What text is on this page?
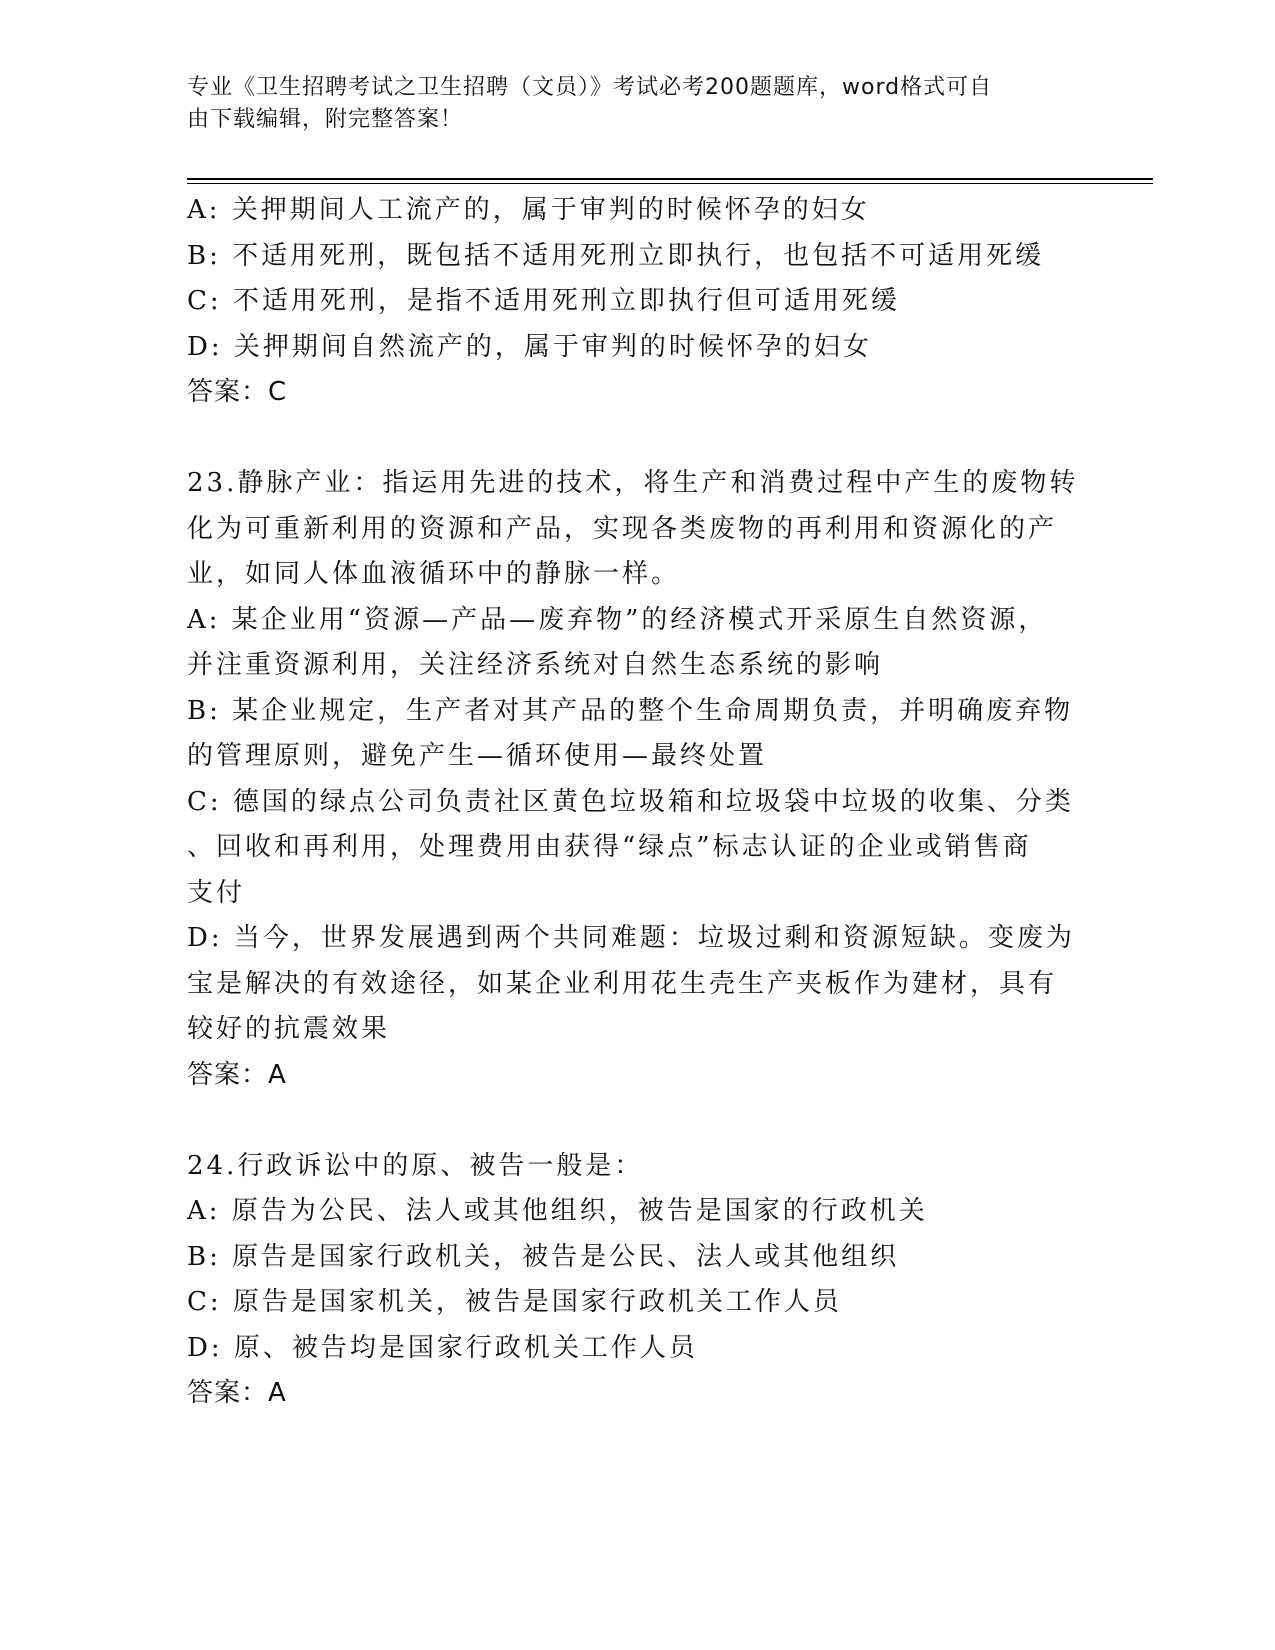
专业《卫生招聘考试之卫生招聘（文员）》考试必考200题题库，word格式可自
由下载编辑，附完整答案！
A: 关押期间人工流产的，属于审判的时候怀孕的妇女
B: 不适用死刑，既包括不适用死刑立即执行，也包括不可适用死缓
C: 不适用死刑，是指不适用死刑立即执行但可适用死缓
D: 关押期间自然流产的，属于审判的时候怀孕的妇女
答案：C
23.静脉产业：指运用先进的技术，将生产和消费过程中产生的废物转
化为可重新利用的资源和产品，实现各类废物的再利用和资源化的产
业，如同人体血液循环中的静脉一样。
A: 某企业用“资源—产品—废弃物”的经济模式开采原生自然资源，
并注重资源利用，关注经济系统对自然生态系统的影响
B: 某企业规定，生产者对其产品的整个生命周期负责，并明确废弃物
的管理原则，避免产生—循环使用—最终处置
C: 德国的绿点公司负责社区黄色垃圾箱和垃圾袋中垃圾的收集、分类
、回收和再利用，处理费用由获得“绿点”标志认证的企业或销售商
支付
D: 当今，世界发展遇到两个共同难题：垃圾过剩和资源短缺。变废为
宝是解决的有效途径，如某企业利用花生壳生产夹板作为建材，具有
较好的抗震效果
答案：A
24.行政诉讼中的原、被告一般是：
A: 原告为公民、法人或其他组织，被告是国家的行政机关
B: 原告是国家行政机关，被告是公民、法人或其他组织
C: 原告是国家机关，被告是国家行政机关工作人员
D: 原、被告均是国家行政机关工作人员
答案：A
